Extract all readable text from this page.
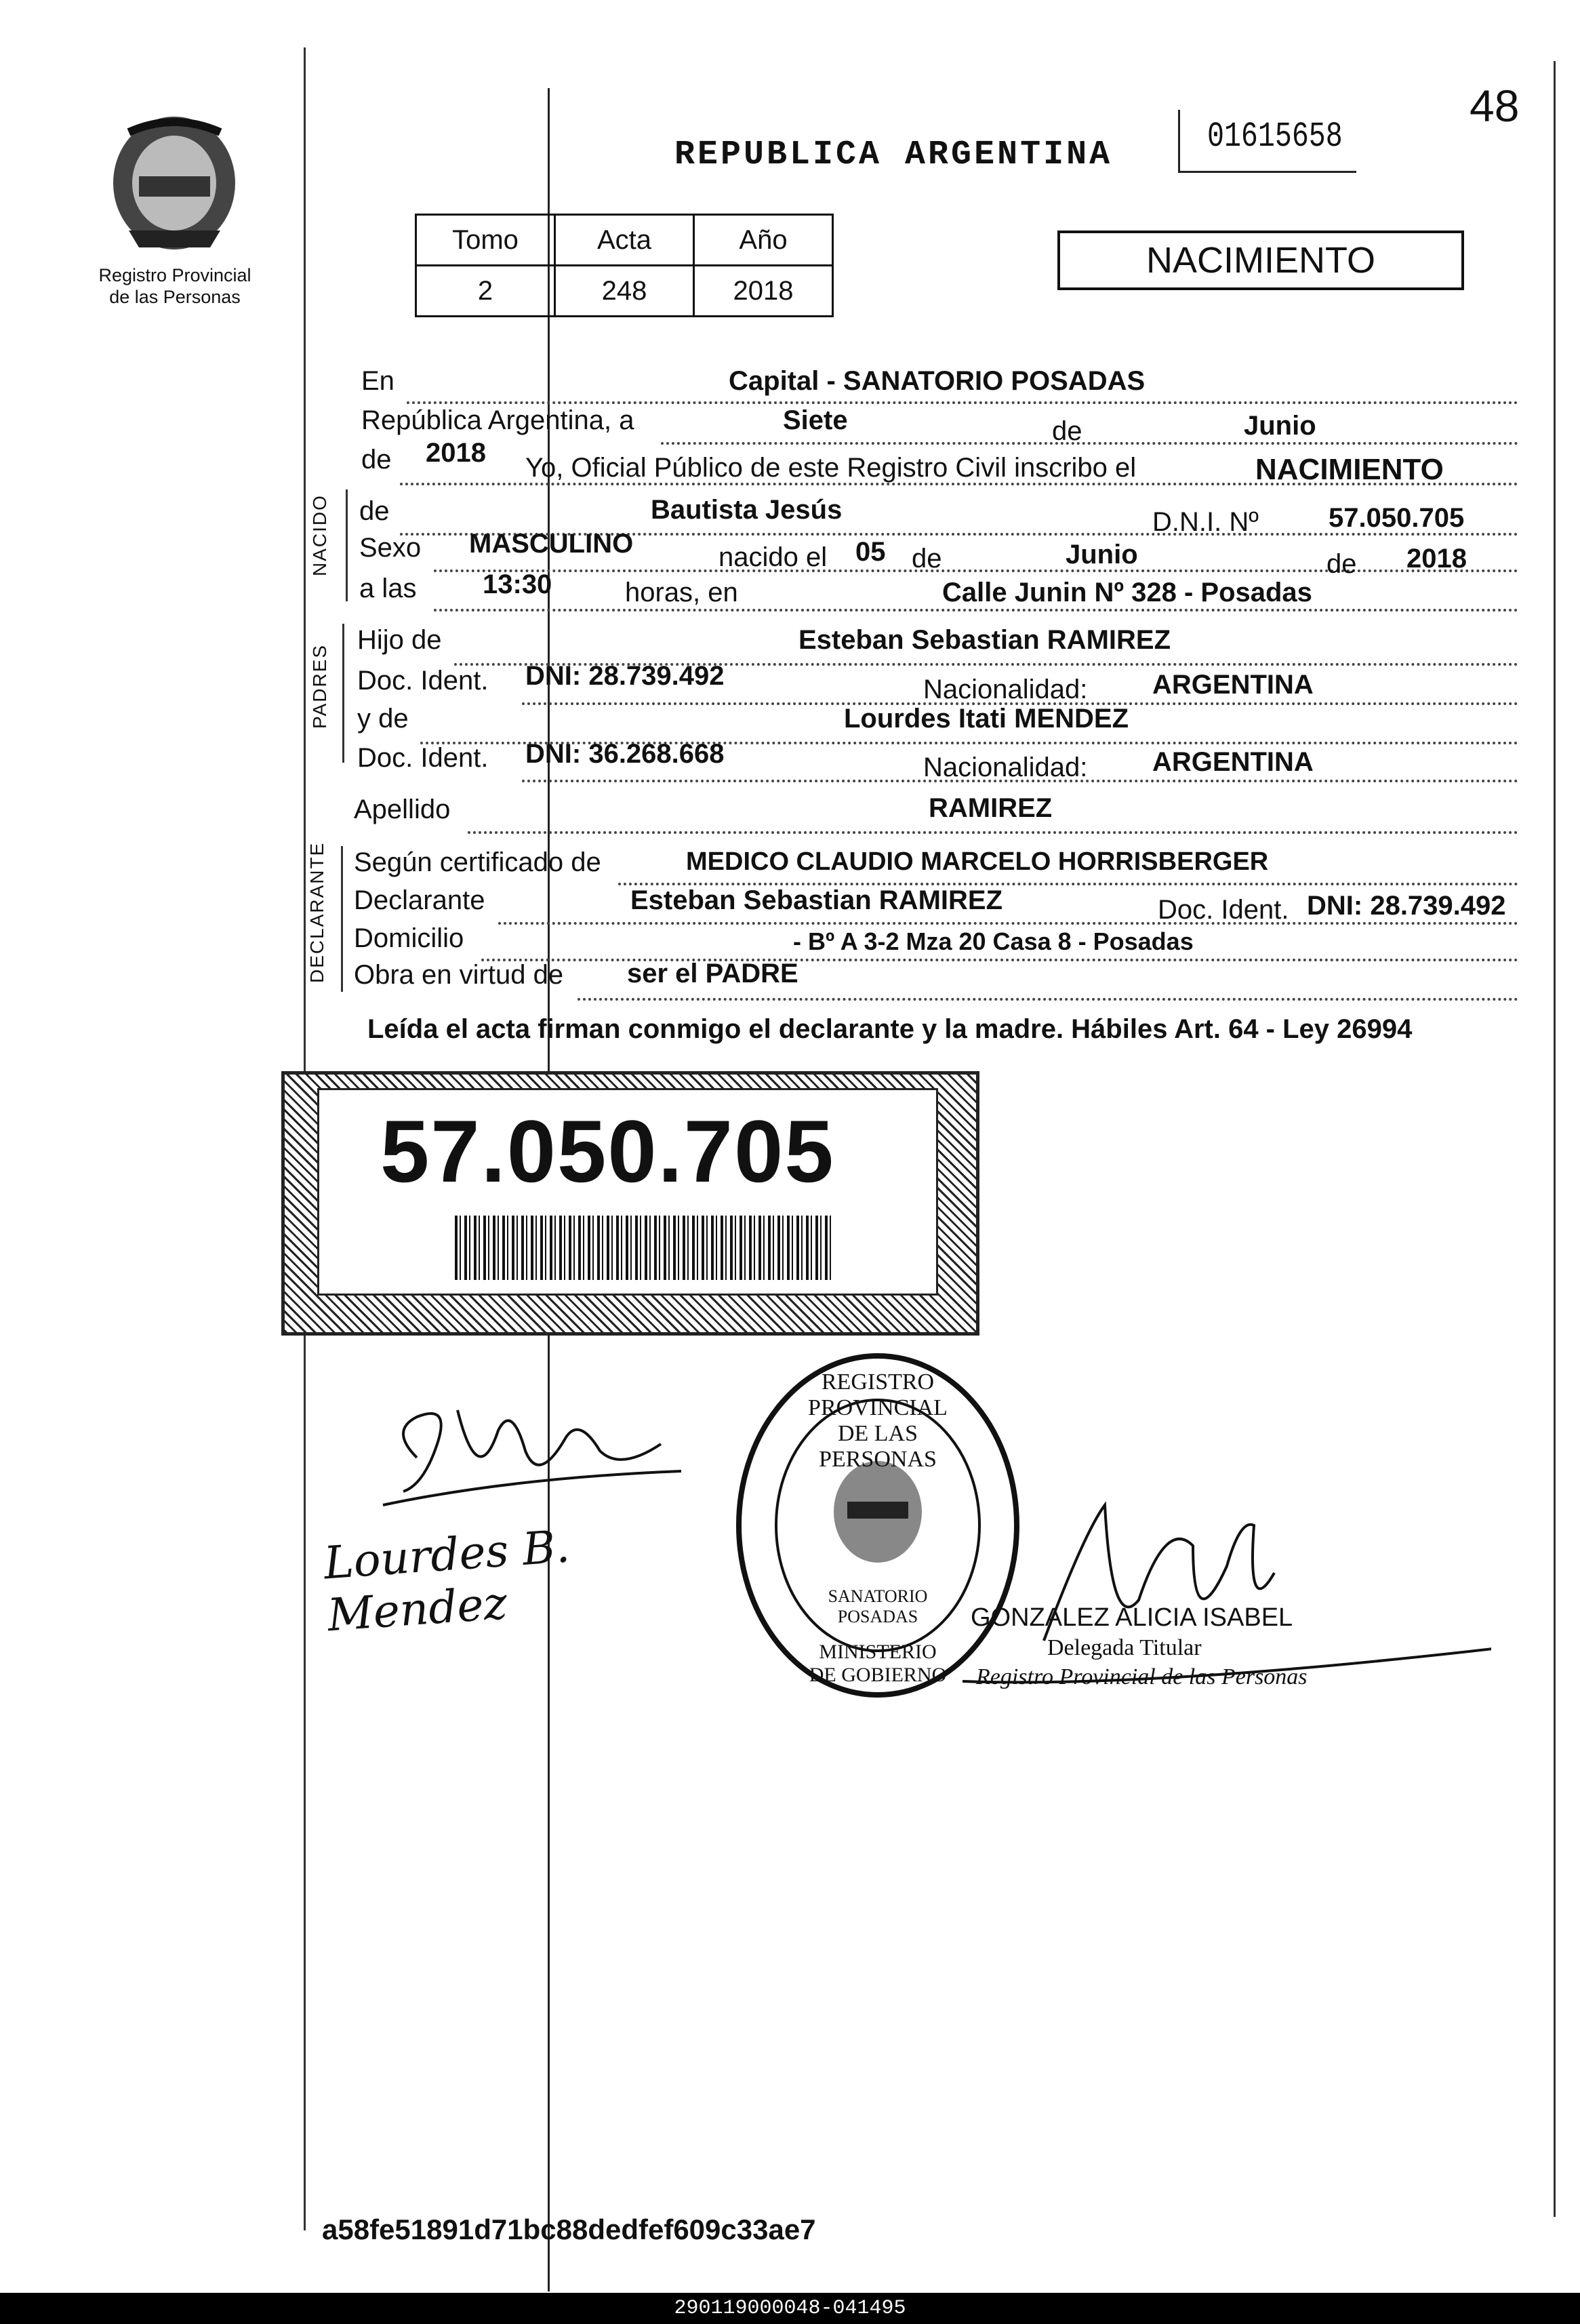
48
Registro Provincial
de las Personas
REPUBLICA ARGENTINA	01615658
Tomo	Acta	Año
2	248	2018
NACIMIENTO
En	Capital - SANATORIO POSADAS
República Argentina, a	Siete	de	Junio
de 2018 Yo, Oficial Público de este Registro Civil inscribo el	NACIMIENTO
NACIDO de	Bautista Jesús	D.N.I. Nº	57.050.705
Sexo MASCULINO	nacido el 05 de	Junio	de 2018
a las 13:30	horas, en	Calle Junin Nº 328 - Posadas
PADRES
Hijo de	Esteban Sebastian RAMIREZ
Doc. Ident. DNI: 28.739.492	Nacionalidad: ARGENTINA
y de	Lourdes Itati MENDEZ
Doc. Ident. DNI: 36.268.668	Nacionalidad: ARGENTINA
Apellido	RAMIREZ
DECLARANTE Según certificado de	MEDICO CLAUDIO MARCELO HORRISBERGER
Declarante	Esteban Sebastian RAMIREZ	Doc. Ident. DNI: 28.739.492
Domicilio	- Bº A 3-2 Mza 20 Casa 8 - Posadas
Obra en virtud de ser el PADRE
Leída el acta firman conmigo el declarante y la madre. Hábiles Art. 64 - Ley 26994
57.050.705
REGISTRO PROVINCIAL DE LAS PERSONAS
SANATORIO POSADAS
MINISTERIO DE GOBIERNO
Lourdes B. Mendez	GONZALEZ ALICIA ISABEL
Delegada Titular
Registro Provincial de las Personas
a58fe51891d71bc88dedfef609c33ae7
290119000048-041495
